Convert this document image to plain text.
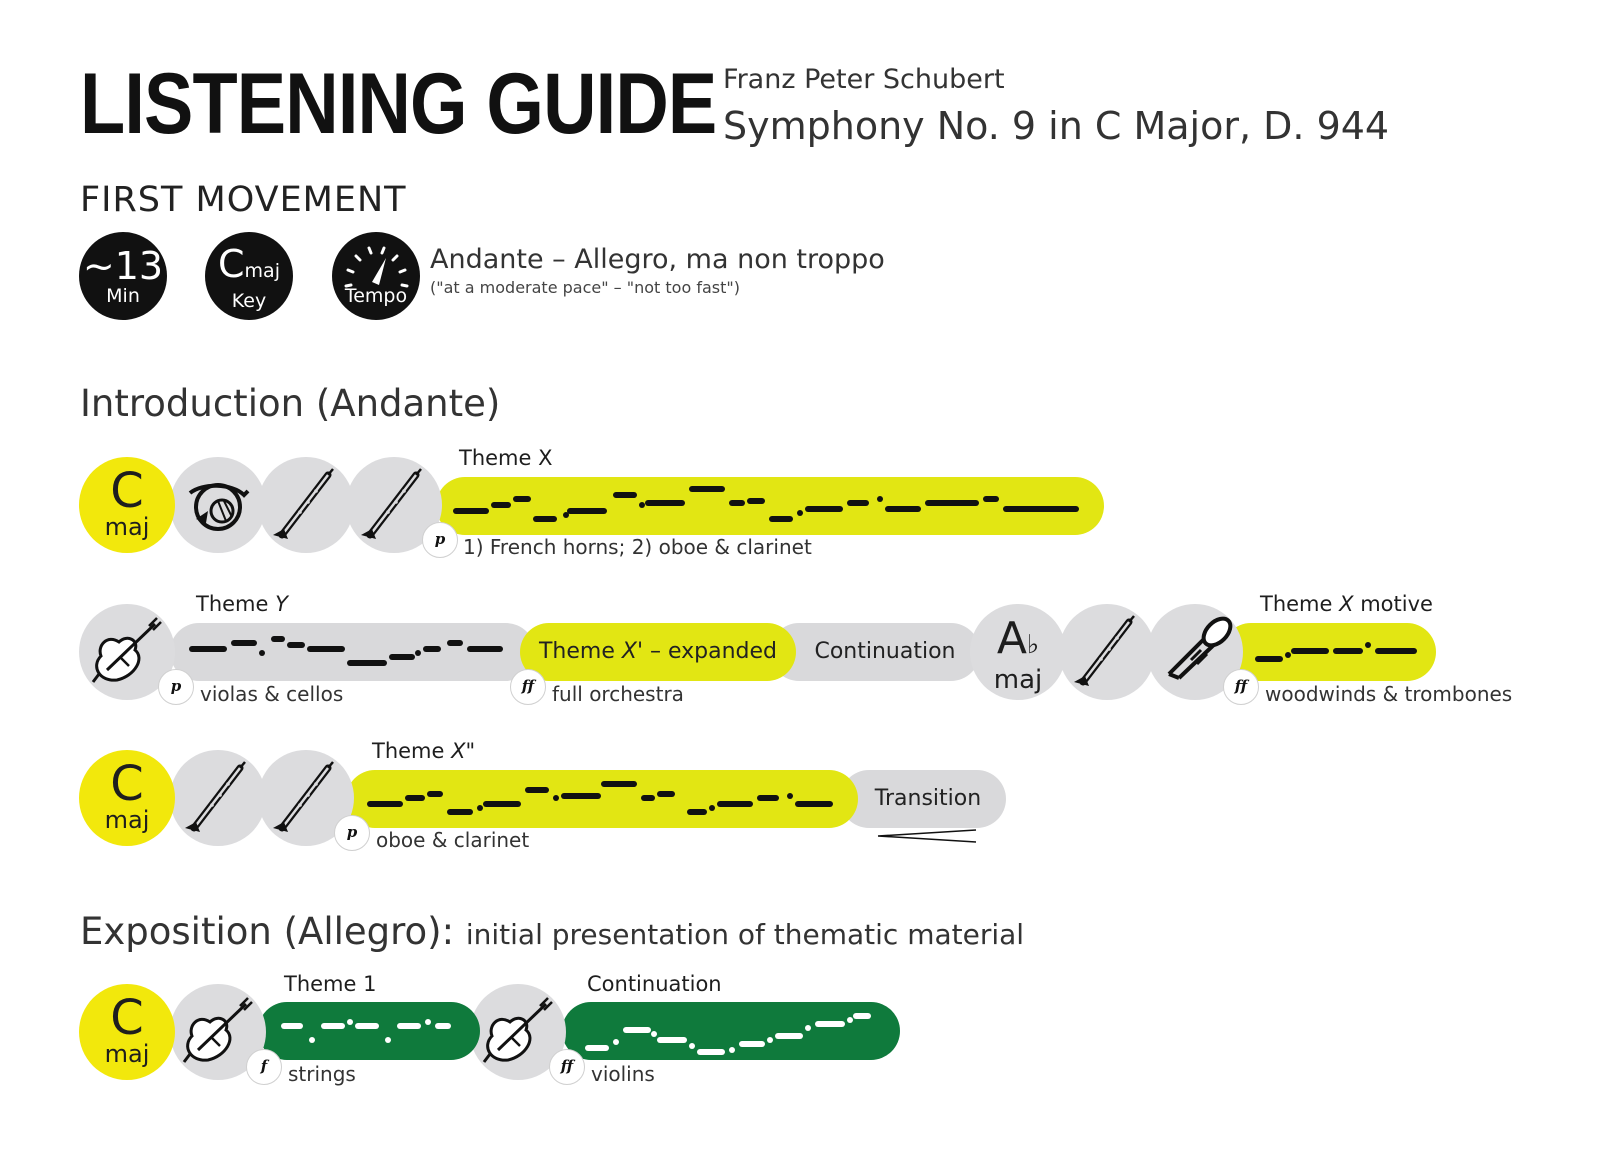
LISTENING GUIDE Franz Peter Schubert
Symphony No. 9 in C Major, D. 944
FIRST MOVEMENT
~13
Min
Cmaj
Key	Tempo
Andante – Allegro, ma non troppo
("at a moderate pace" – "not too fast")
Introduction (Andante)
C
maj
Theme X
p 1) French horns; 2) oboe & clarinet
Theme Y
p violas & cellos
Continuation
Theme X' – expanded
ff full orchestra
A♭
maj
Theme X motive
ff woodwinds & trombones
Transition
C
maj
Theme X"
p oboe & clarinet
Exposition (Allegro): initial presentation of thematic material
C
maj
Theme 1
f	strings
Continuation
ff violins
